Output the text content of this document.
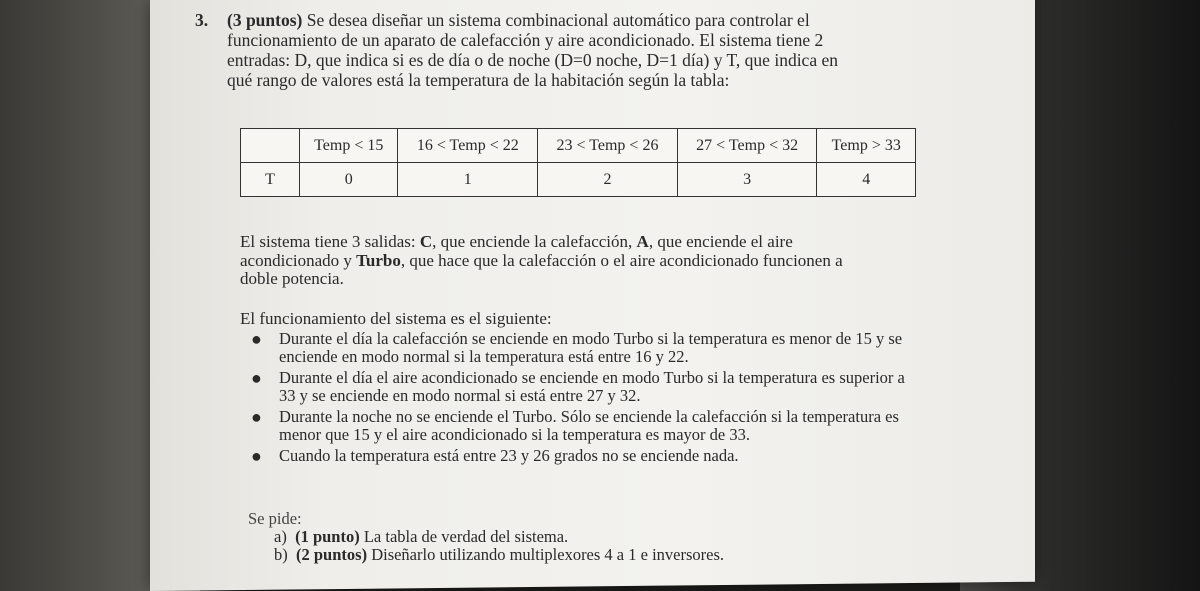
3.	(3 puntos) Se desea diseñar un sistema combinacional automático para controlar el

funcionamiento de un aparato de calefacción y aire acondicionado. El sistema tiene 2

entradas: D, que indica si es de día o de noche (D=0 noche, D=1 día) y T, que indica en

qué rango de valores está la temperatura de la habitación según la tabla:

	Temp < 15	16 < Temp < 22	23 < Temp < 26	27 < Temp < 32	Temp > 33
T	0	1	2	3	4

El sistema tiene 3 salidas: C, que enciende la calefacción, A, que enciende el aire

acondicionado y Turbo, que hace que la calefacción o el aire acondicionado funcionen a

doble potencia.

El funcionamiento del sistema es el siguiente:
● Durante el día la calefacción se enciende en modo Turbo si la temperatura es menor de 15 y se enciende en modo normal si la temperatura está entre 16 y 22.
● Durante el día el aire acondicionado se enciende en modo Turbo si la temperatura es superior a 33 y se enciende en modo normal si está entre 27 y 32.
● Durante la noche no se enciende el Turbo. Sólo se enciende la calefacción si la temperatura es menor que 15 y el aire acondicionado si la temperatura es mayor de 33.
● Cuando la temperatura está entre 23 y 26 grados no se enciende nada.
Se pide:
a) (1 punto) La tabla de verdad del sistema.
b) (2 puntos) Diseñarlo utilizando multiplexores 4 a 1 e inversores.
